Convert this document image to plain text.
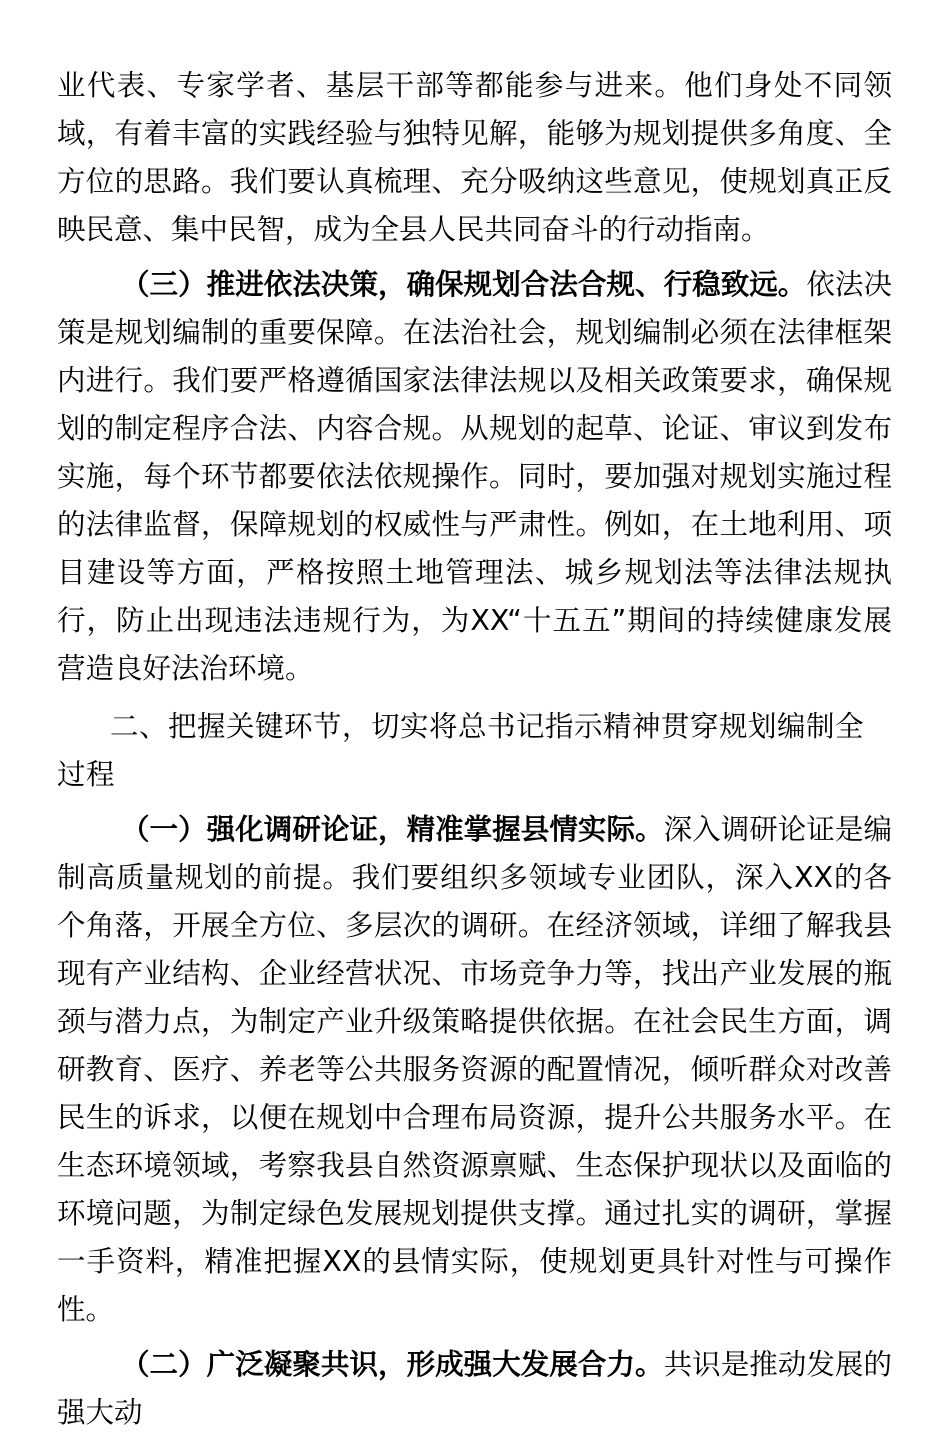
业代表、专家学者、基层干部等都能参与进来。他们身处不同领域，有着丰富的实践经验与独特见解，能够为规划提供多角度、全方位的思路。我们要认真梳理、充分吸纳这些意见，使规划真正反映民意、集中民智，成为全县人民共同奋斗的行动指南。

（三）推进依法决策，确保规划合法合规、行稳致远。依法决策是规划编制的重要保障。在法治社会，规划编制必须在法律框架内进行。我们要严格遵循国家法律法规以及相关政策要求，确保规划的制定程序合法、内容合规。从规划的起草、论证、审议到发布实施，每个环节都要依法依规操作。同时，要加强对规划实施过程的法律监督，保障规划的权威性与严肃性。例如，在土地利用、项目建设等方面，严格按照土地管理法、城乡规划法等法律法规执行，防止出现违法违规行为，为XX“十五五”期间的持续健康发展营造良好法治环境。

二、把握关键环节，切实将总书记指示精神贯穿规划编制全过程

（一）强化调研论证，精准掌握县情实际。深入调研论证是编制高质量规划的前提。我们要组织多领域专业团队，深入XX的各个角落，开展全方位、多层次的调研。在经济领域，详细了解我县现有产业结构、企业经营状况、市场竞争力等，找出产业发展的瓶颈与潜力点，为制定产业升级策略提供依据。在社会民生方面，调研教育、医疗、养老等公共服务资源的配置情况，倾听群众对改善民生的诉求，以便在规划中合理布局资源，提升公共服务水平。在生态环境领域，考察我县自然资源禀赋、生态保护现状以及面临的环境问题，为制定绿色发展规划提供支撑。通过扎实的调研，掌握一手资料，精准把握XX的县情实际，使规划更具针对性与可操作性。

（二）广泛凝聚共识，形成强大发展合力。共识是推动发展的强大动
